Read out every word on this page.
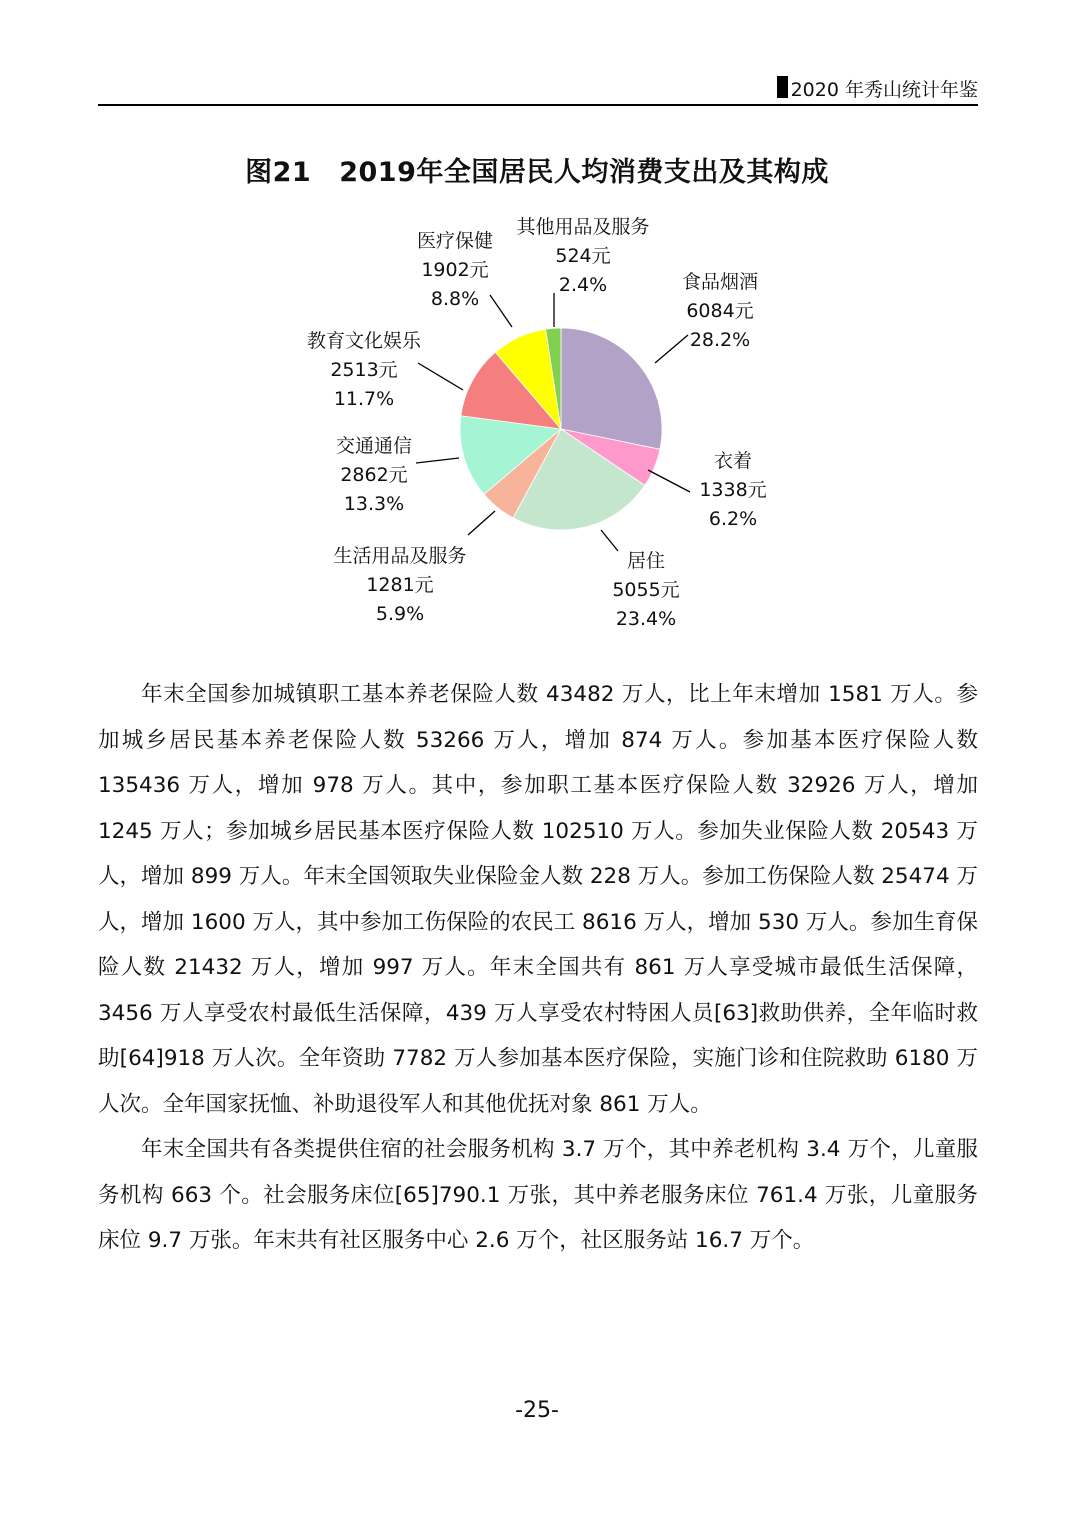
2020 年秀山统计年鉴
图21 2019年全国居民人均消费支出及其构成
食品烟酒 6084元 28.2%
衣着 1338元 6.2%
居住 5055元 23.4%
生活用品及服务 1281元 5.9%
交通通信 2862元 13.3%
教育文化娱乐 2513元 11.7%
医疗保健 1902元 8.8%
其他用品及服务 524元 2.4%

年末全国参加城镇职工基本养老保险人数 43482 万人，比上年末增加 1581 万人。参加城乡居民基本养老保险人数 53266 万人，增加 874 万人。参加基本医疗保险人数 135436 万人，增加 978 万人。其中，参加职工基本医疗保险人数 32926 万人，增加 1245 万人；参加城乡居民基本医疗保险人数 102510 万人。参加失业保险人数 20543 万人，增加 899 万人。年末全国领取失业保险金人数 228 万人。参加工伤保险人数 25474 万人，增加 1600 万人，其中参加工伤保险的农民工 8616 万人，增加 530 万人。参加生育保险人数 21432 万人，增加 997 万人。年末全国共有 861 万人享受城市最低生活保障，3456 万人享受农村最低生活保障，439 万人享受农村特困人员[63]救助供养，全年临时救助[64]918 万人次。全年资助 7782 万人参加基本医疗保险，实施门诊和住院救助 6180 万人次。全年国家抚恤、补助退役军人和其他优抚对象 861 万人。

年末全国共有各类提供住宿的社会服务机构 3.7 万个，其中养老机构 3.4 万个，儿童服务机构 663 个。社会服务床位[65]790.1 万张，其中养老服务床位 761.4 万张，儿童服务床位 9.7 万张。年末共有社区服务中心 2.6 万个，社区服务站 16.7 万个。

-25-
